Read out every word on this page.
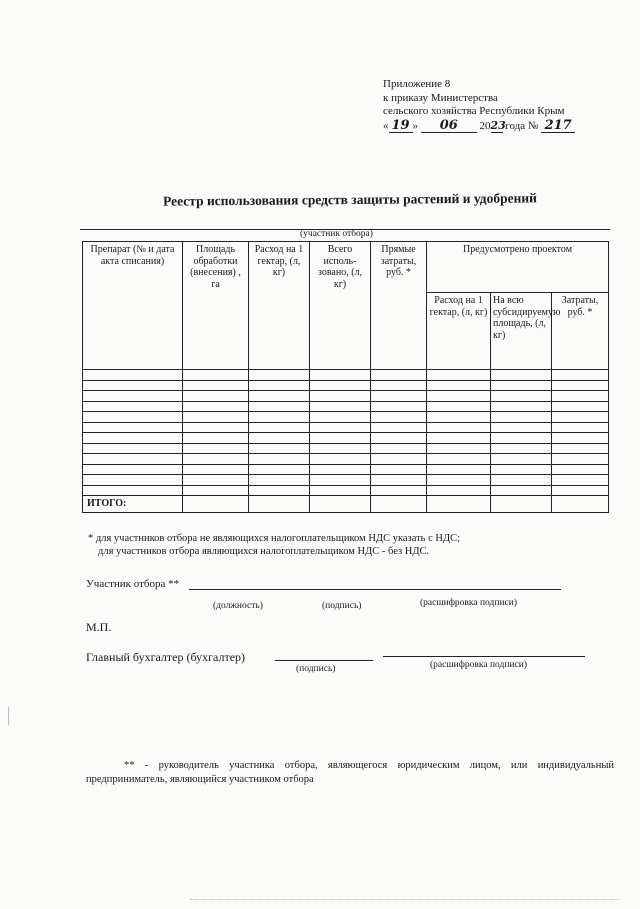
Приложение 8
к приказу Министерства
сельского хозяйства Республики Крым
« 19 » 06 2023 года № 217
Реестр использования средств защиты растений и удобрений
(участник отбора)
Препарат (№ и дата акта списания)	Площадь обработки (внесения) , га	Расход на 1 гектар, (л, кг)	Всего исполь-зовано, (л, кг)	Прямые затраты, руб. *	Предусмотрено проектом		
					Расход на 1 гектар, (л, кг)	На всю субсидируемую площадь, (л, кг)	Затраты, руб. *

ИТОГО:							
* для участников отбора не являющихся налогоплательщиком НДС указать с НДС;
для участников отбора являющихся налогоплательщиком НДС - без НДС.
Участник отбора **
(должность)	(подпись)	(расшифровка подписи)
М.П.
Главный бухгалтер (бухгалтер)
(подпись)	(расшифровка подписи)
** - руководитель участника отбора, являющегося юридическим лицом, или индивидуальный предприниматель, являющийся участником отбора
